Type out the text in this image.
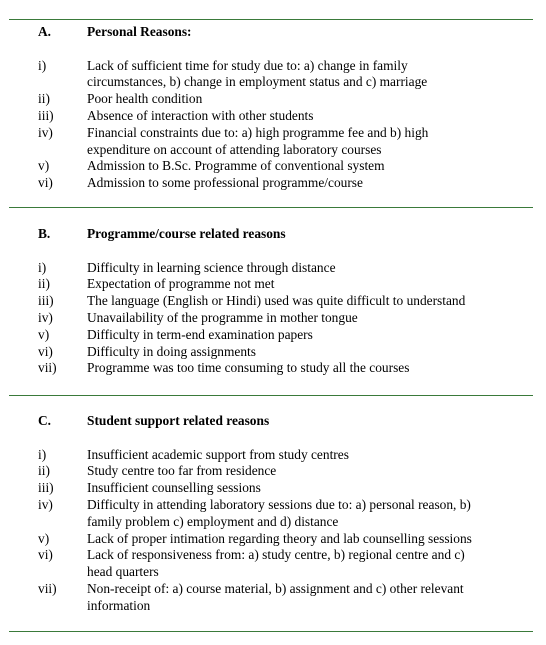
A.	Personal Reasons:
i)	Lack of sufficient time for study due to: a) change in family
circumstances, b) change in employment status and c) marriage
ii)	Poor health condition
iii) Absence of interaction with other students
iv)	Financial constraints due to: a) high programme fee and b) high
expenditure on account of attending laboratory courses
v)	Admission to B.Sc. Programme of conventional system
vi)	Admission to some professional programme/course
B.	Programme/course related reasons
i)	Difficulty in learning science through distance
ii)	Expectation of programme not met
iii) The language (English or Hindi) used was quite difficult to understand
iv)	Unavailability of the programme in mother tongue
v)	Difficulty in term-end examination papers
vi)	Difficulty in doing assignments
vii) Programme was too time consuming to study all the courses
C.	Student support related reasons
i)	Insufficient academic support from study centres
ii)	Study centre too far from residence
iii) Insufficient counselling sessions
iv)	Difficulty in attending laboratory sessions due to: a) personal reason, b)
family problem c) employment and d) distance
v)	Lack of proper intimation regarding theory and lab counselling sessions
vi)	Lack of responsiveness from: a) study centre, b) regional centre and c)
head quarters
vii) Non-receipt of: a) course material, b) assignment and c) other relevant
information
